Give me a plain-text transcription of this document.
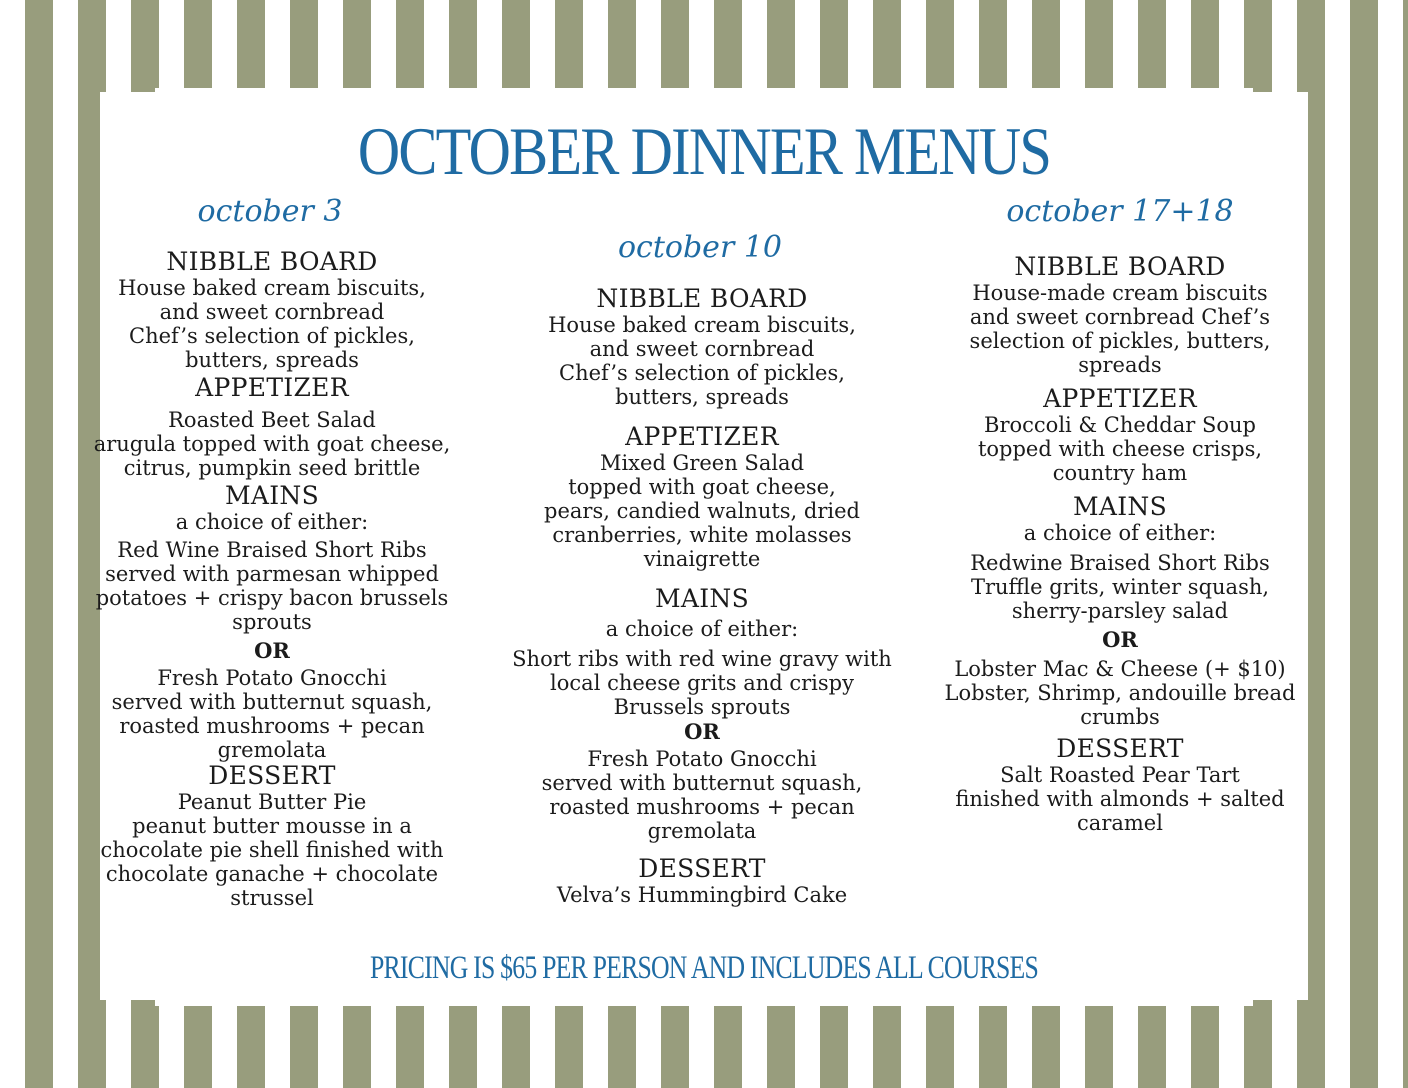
OCTOBER DINNER MENUS
october 3
october 10
october 17+18
NIBBLE BOARD
House baked cream biscuits,
and sweet cornbread
Chef’s selection of pickles,
butters, spreads
APPETIZER
Roasted Beet Salad
arugula topped with goat cheese,
citrus, pumpkin seed brittle
MAINS
a choice of either:
Red Wine Braised Short Ribs
served with parmesan whipped
potatoes + crispy bacon brussels
sprouts
OR
Fresh Potato Gnocchi
served with butternut squash,
roasted mushrooms + pecan
gremolata
DESSERT
Peanut Butter Pie
peanut butter mousse in a
chocolate pie shell finished with
chocolate ganache + chocolate
strussel
NIBBLE BOARD
House baked cream biscuits,
and sweet cornbread
Chef’s selection of pickles,
butters, spreads
APPETIZER
Mixed Green Salad
topped with goat cheese,
pears, candied walnuts, dried
cranberries, white molasses
vinaigrette
MAINS
a choice of either:
Short ribs with red wine gravy with
local cheese grits and crispy
Brussels sprouts
OR
Fresh Potato Gnocchi
served with butternut squash,
roasted mushrooms + pecan
gremolata
DESSERT
Velva’s Hummingbird Cake
NIBBLE BOARD
House-made cream biscuits
and sweet cornbread Chef’s
selection of pickles, butters,
spreads
APPETIZER
Broccoli & Cheddar Soup
topped with cheese crisps,
country ham
MAINS
a choice of either:
Redwine Braised Short Ribs
Truffle grits, winter squash,
sherry-parsley salad
OR
Lobster Mac & Cheese (+ $10)
Lobster, Shrimp, andouille bread
crumbs
DESSERT
Salt Roasted Pear Tart
finished with almonds + salted
caramel
PRICING IS $65 PER PERSON AND INCLUDES ALL COURSES
